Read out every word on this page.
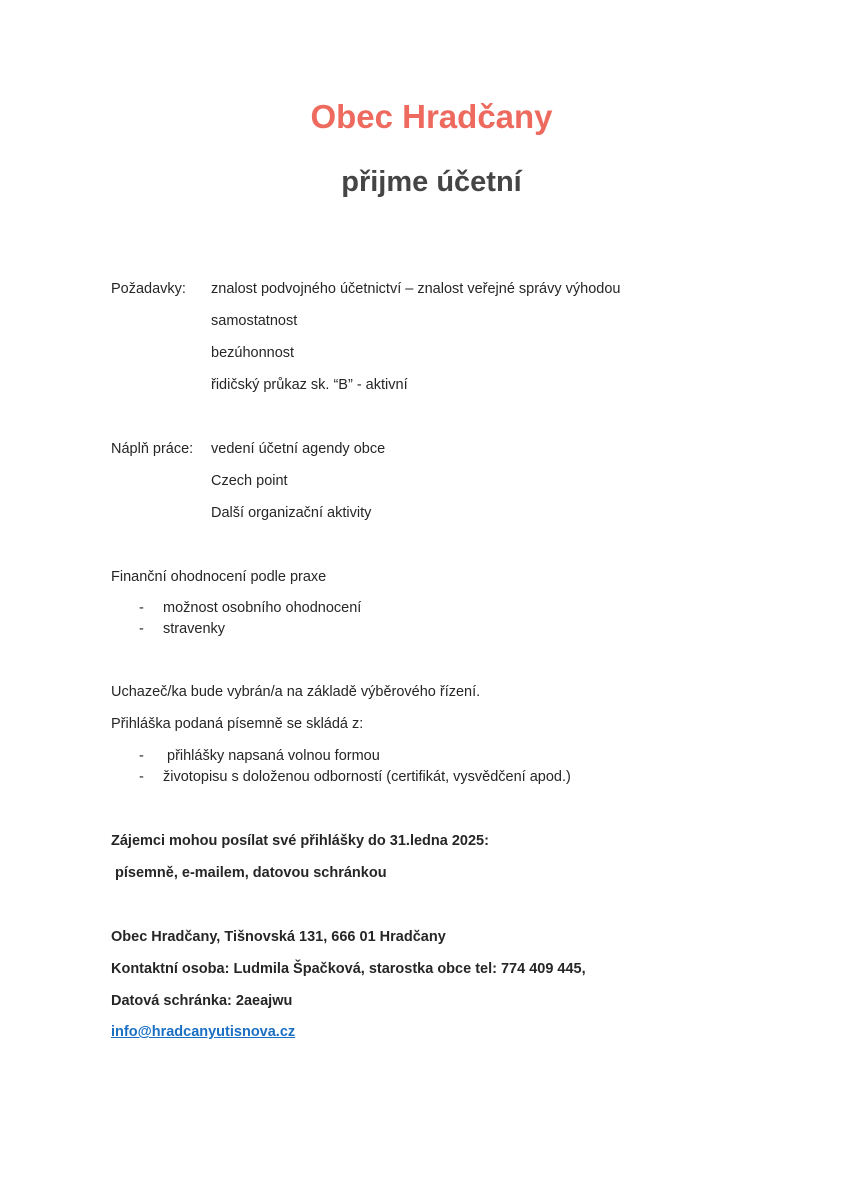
Obec Hradčany
přijme účetní
Požadavky: znalost podvojného účetnictví – znalost veřejné správy výhodou
samostatnost
bezúhonnost
řidičský průkaz sk. “B” - aktivní
Náplň práce: vedení účetní agendy obce
Czech point
Další organizační aktivity
Finanční ohodnocení podle praxe
- možnost osobního ohodnocení
- stravenky
Uchazeč/ka bude vybrán/a na základě výběrového řízení.
Přihláška podaná písemně se skládá z:
- přihlášky napsaná volnou formou
- životopisu s doloženou odborností (certifikát, vysvědčení apod.)
Zájemci mohou posílat své přihlášky do 31.ledna 2025:
písemně, e-mailem, datovou schránkou
Obec Hradčany, Tišnovská 131, 666 01 Hradčany
Kontaktní osoba: Ludmila Špačková, starostka obce tel: 774 409 445,
Datová schránka: 2aeajwu
info@hradcanyutisnova.cz
